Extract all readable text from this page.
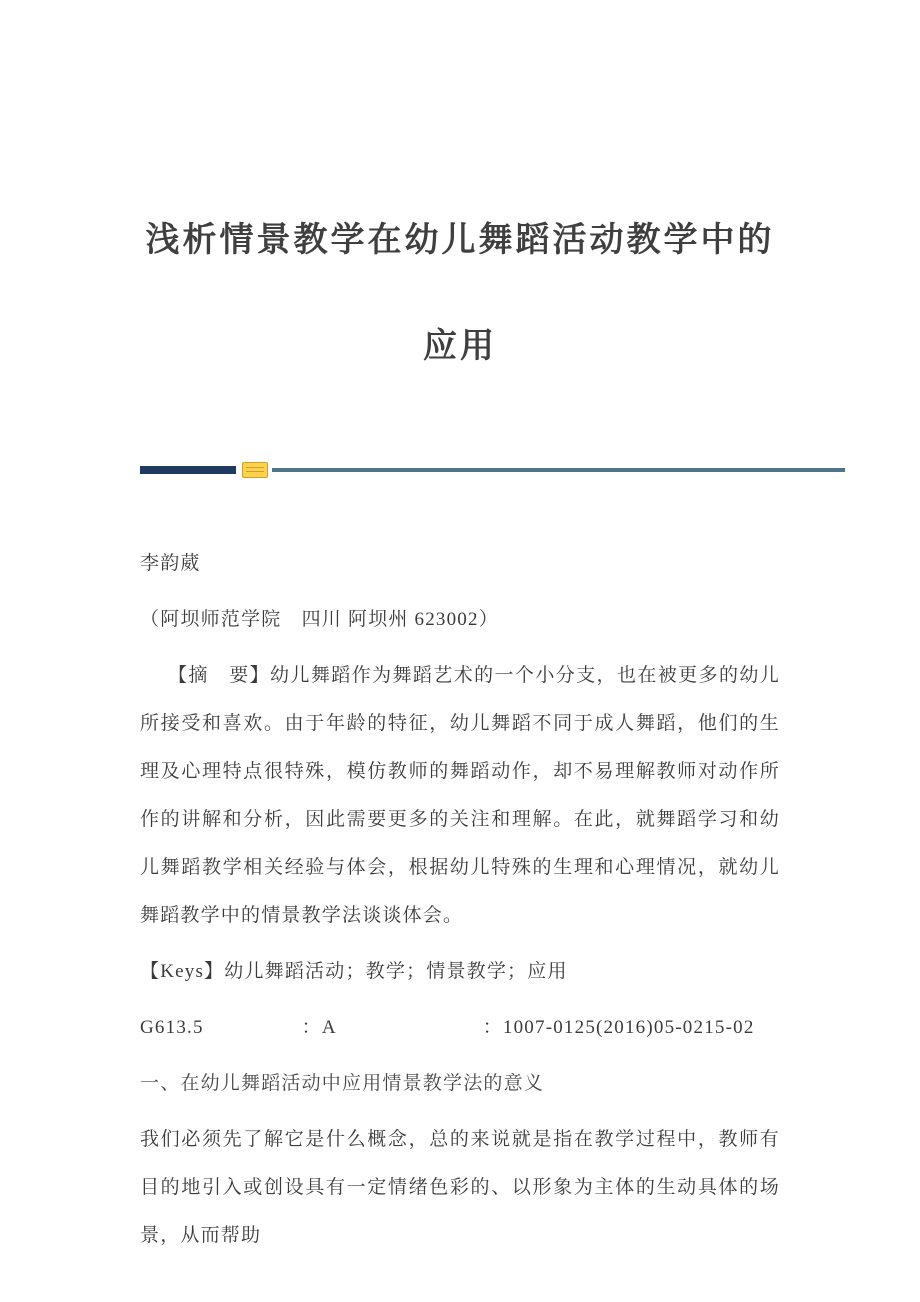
浅析情景教学在幼儿舞蹈活动教学中的
应用

李韵葳

（阿坝师范学院　四川 阿坝州 623002）

【摘　要】幼儿舞蹈作为舞蹈艺术的一个小分支，也在被更多的幼儿所接受和喜欢。由于年龄的特征，幼儿舞蹈不同于成人舞蹈，他们的生理及心理特点很特殊，模仿教师的舞蹈动作，却不易理解教师对动作所作的讲解和分析，因此需要更多的关注和理解。在此，就舞蹈学习和幼儿舞蹈教学相关经验与体会，根据幼儿特殊的生理和心理情况，就幼儿舞蹈教学中的情景教学法谈谈体会。

【Keys】幼儿舞蹈活动；教学；情景教学；应用

G613.5	：A	：1007-0125(2016)05-0215-02

一、在幼儿舞蹈活动中应用情景教学法的意义

我们必须先了解它是什么概念，总的来说就是指在教学过程中，教师有目的地引入或创设具有一定情绪色彩的、以形象为主体的生动具体的场景，从而帮助
